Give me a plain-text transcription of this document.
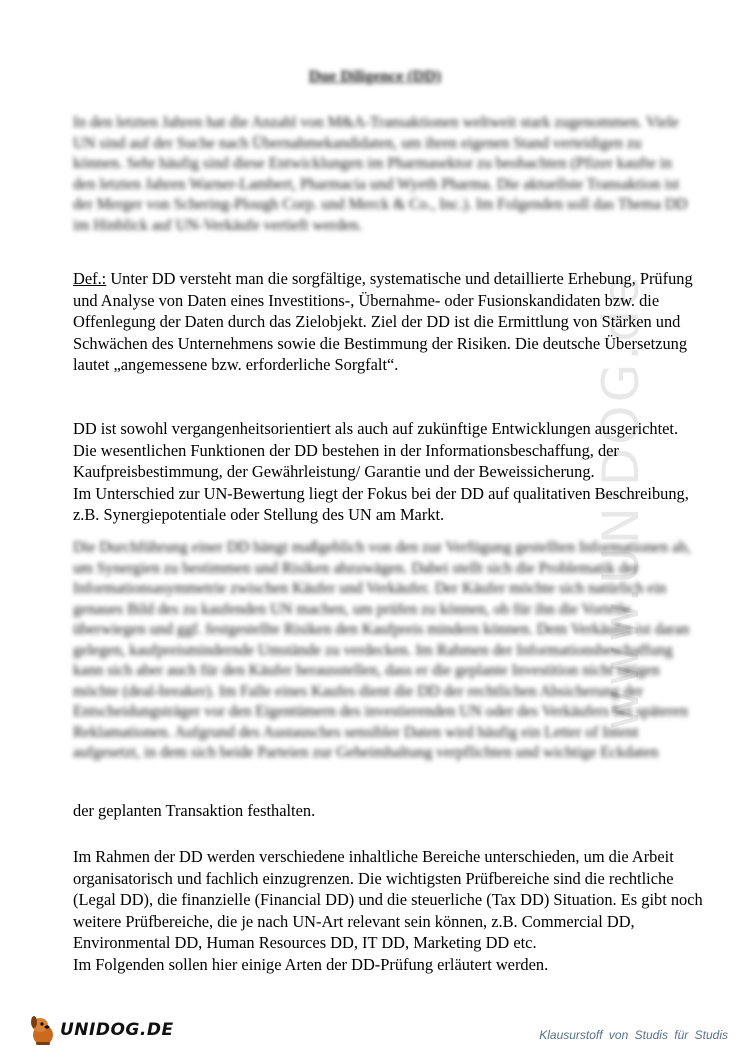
Due Diligence (DD)

In den letzten Jahren hat die Anzahl von M&A-Transaktionen weltweit stark zugenommen. Viele UN sind auf der Suche nach Übernahmekandidaten, um ihren eigenen Stand verteidigen zu können. Sehr häufig sind diese Entwicklungen im Pharmasektor zu beobachten (Pfizer kaufte in den letzten Jahren Warner-Lambert, Pharmacia und Wyeth Pharma. Die aktuellste Transaktion ist der Merger von Schering-Plough Corp. und Merck & Co., Inc.). Im Folgenden soll das Thema DD im Hinblick auf UN-Verkäufe vertieft werden.

Def.: Unter DD versteht man die sorgfältige, systematische und detaillierte Erhebung, Prüfung und Analyse von Daten eines Investitions-, Übernahme- oder Fusionskandidaten bzw. die Offenlegung der Daten durch das Zielobjekt. Ziel der DD ist die Ermittlung von Stärken und Schwächen des Unternehmens sowie die Bestimmung der Risiken. Die deutsche Übersetzung lautet „angemessene bzw. erforderliche Sorgfalt“.

DD ist sowohl vergangenheitsorientiert als auch auf zukünftige Entwicklungen ausgerichtet.

Die wesentlichen Funktionen der DD bestehen in der Informationsbeschaffung, der Kaufpreisbestimmung, der Gewährleistung/ Garantie und der Beweissicherung.

Im Unterschied zur UN-Bewertung liegt der Fokus bei der DD auf qualitativen Beschreibung, z.B. Synergiepotentiale oder Stellung des UN am Markt.

Die Durchführung einer DD hängt maßgeblich von den zur Verfügung gestellten Informationen ab, um Synergien zu bestimmen und Risiken abzuwägen. Dabei stellt sich die Problematik der Informationsasymmetrie zwischen Käufer und Verkäufer. Der Käufer möchte sich natürlich ein genaues Bild des zu kaufenden UN machen, um prüfen zu können, ob für ihn die Vorteile überwiegen und ggf. festgestellte Risiken den Kaufpreis mindern können. Dem Verkäufer ist daran gelegen, kaufpreismindernde Umstände zu verdecken. Im Rahmen der Informationsbeschaffung kann sich aber auch für den Käufer herausstellen, dass er die geplante Investition nicht tätigen möchte (deal-breaker). Im Falle eines Kaufes dient die DD der rechtlichen Absicherung der Entscheidungsträger vor den Eigentümern des investierenden UN oder des Verkäufers bei späteren Reklamationen. Aufgrund des Austausches sensibler Daten wird häufig ein Letter of Intent aufgesetzt, in dem sich beide Parteien zur Geheimhaltung verpflichten und wichtige Eckdaten

der geplanten Transaktion festhalten.

Im Rahmen der DD werden verschiedene inhaltliche Bereiche unterschieden, um die Arbeit organisatorisch und fachlich einzugrenzen. Die wichtigsten Prüfbereiche sind die rechtliche (Legal DD), die finanzielle (Financial DD) und die steuerliche (Tax DD) Situation. Es gibt noch weitere Prüfbereiche, die je nach UN-Art relevant sein können, z.B. Commercial DD, Environmental DD, Human Resources DD, IT DD, Marketing DD etc.

Im Folgenden sollen hier einige Arten der DD-Prüfung erläutert werden.

www.UNIDOG.de
UNIDOG.DE	Klausurstoff von Studis für Studis
